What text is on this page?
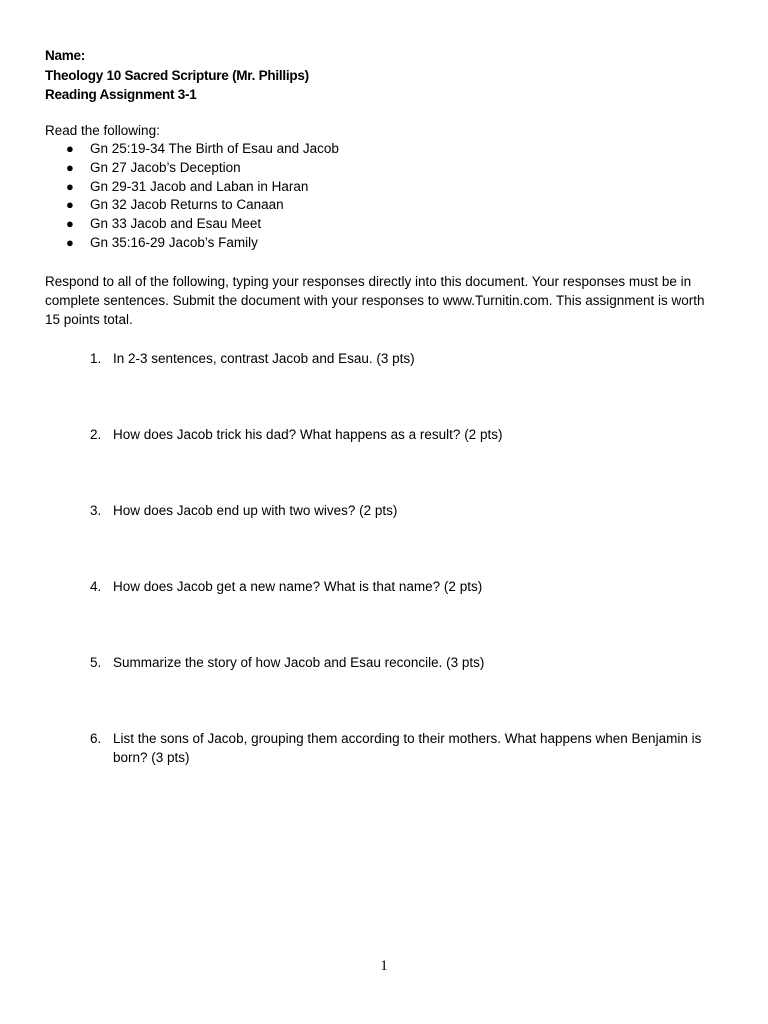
Name:
Theology 10 Sacred Scripture (Mr. Phillips)
Reading Assignment 3-1
Read the following:
● Gn 25:19-34 The Birth of Esau and Jacob
● Gn 27 Jacob’s Deception
● Gn 29-31 Jacob and Laban in Haran
● Gn 32 Jacob Returns to Canaan
● Gn 33 Jacob and Esau Meet
● Gn 35:16-29 Jacob’s Family
Respond to all of the following, typing your responses directly into this document. Your responses must be in complete sentences. Submit the document with your responses to www.Turnitin.com. This assignment is worth 15 points total.
1. In 2-3 sentences, contrast Jacob and Esau. (3 pts)
2. How does Jacob trick his dad? What happens as a result? (2 pts)
3. How does Jacob end up with two wives? (2 pts)
4. How does Jacob get a new name? What is that name? (2 pts)
5. Summarize the story of how Jacob and Esau reconcile. (3 pts)
6. List the sons of Jacob, grouping them according to their mothers. What happens when Benjamin is born? (3 pts)
1
